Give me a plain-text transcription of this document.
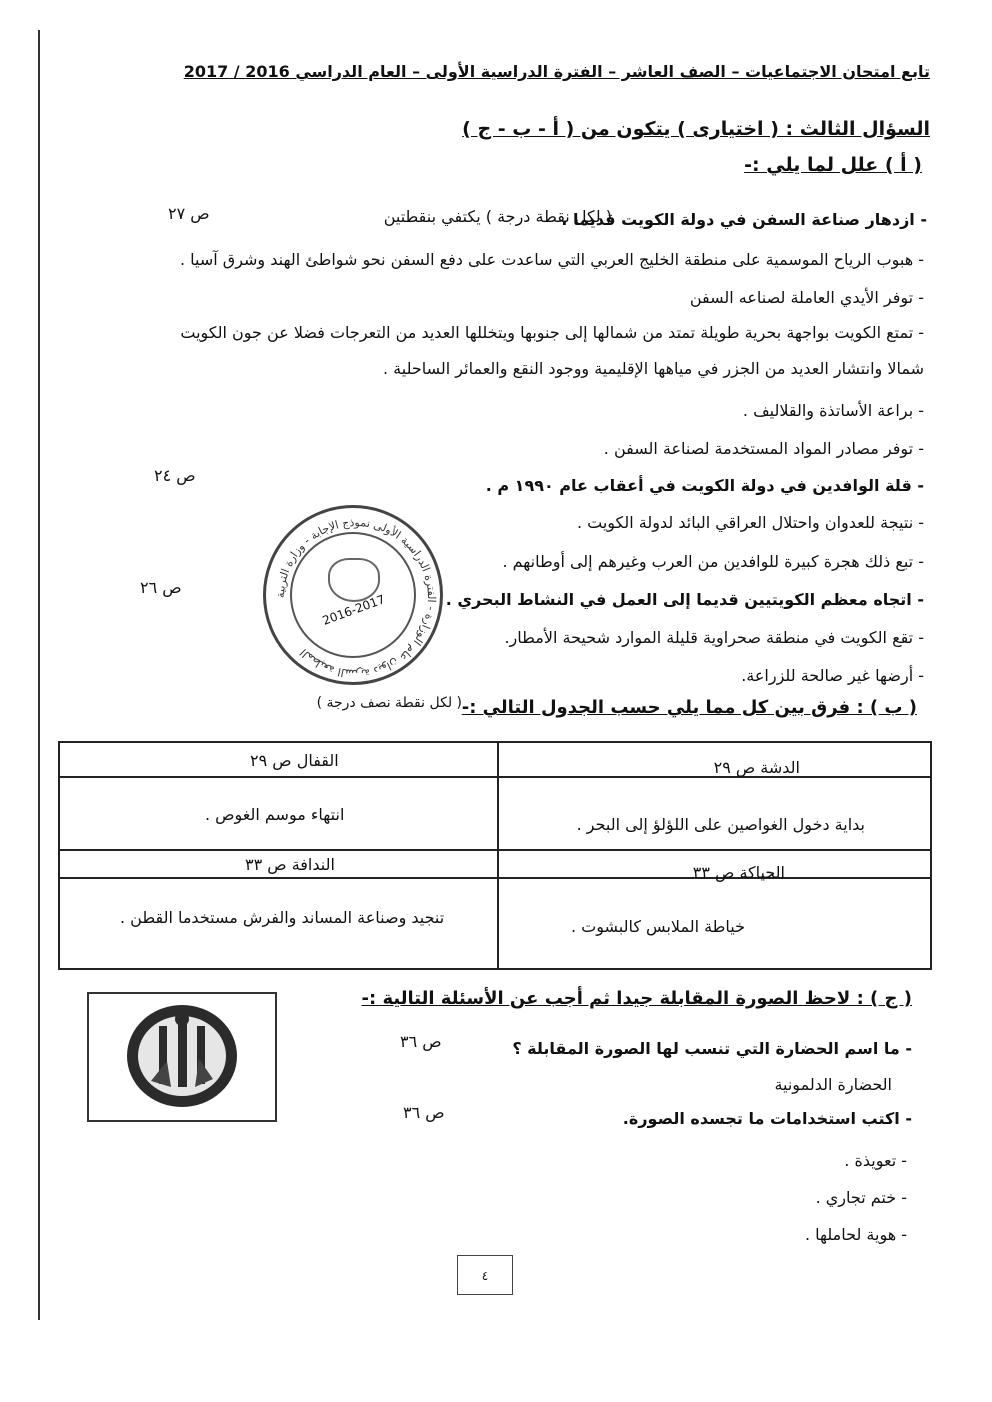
تابع امتحان الاجتماعيات – الصف العاشر – الفترة الدراسية الأولى – العام الدراسي 2016 / 2017
السؤال الثالث : ( اختيارى ) يتكون من ( أ - ب - ج )
( أ ) علل لما يلي :-
- ازدهار صناعة السفن في دولة الكويت قديما .
( لكل نقطة درجة ) يكتفي بنقطتين
ص ٢٧
- هبوب الرياح الموسمية على منطقة الخليج العربي التي ساعدت على دفع السفن نحو شواطئ الهند وشرق آسيا .
- توفر الأيدي العاملة لصناعه السفن
- تمتع الكويت بواجهة بحرية طويلة تمتد من شمالها إلى جنوبها ويتخللها العديد من التعرجات فضلا عن جون الكويت
شمالا وانتشار العديد من الجزر في مياهها الإقليمية ووجود النقع والعمائر الساحلية .
- براعة الأساتذة والقلاليف .
- توفر مصادر المواد المستخدمة لصناعة السفن .
- قلة الوافدين في دولة الكويت في أعقاب عام ١٩٩٠ م .
ص ٢٤
- نتيجة للعدوان واحتلال العراقي البائد لدولة الكويت .
- تبع ذلك هجرة كبيرة للوافدين من العرب وغيرهم إلى أوطانهم .
- اتجاه معظم الكويتيين قديما إلى العمل في النشاط البحري .
ص ٢٦
- تقع الكويت في منطقة صحراوية قليلة الموارد شحيحة الأمطار.
- أرضها غير صالحة للزراعة.
المطبعة السرية ديوان عام الوزارة - الفترة الدراسية الأولى نموذج الإجابة - وزارة التربية
2016-2017
( ب ) : فرق بين كل مما يلي حسب الجدول التالي :-
( لكل نقطة نصف درجة )
الدشة ص ٢٩
القفال ص ٢٩
بداية دخول الغواصين على اللؤلؤ إلى البحر .
انتهاء موسم الغوص .
الحياكة ص ٣٣
الندافة ص ٣٣
خياطة الملابس كالبشوت .
تنجيد وصناعة المساند والفرش مستخدما القطن .
( ج ) : لاحظ الصورة المقابلة جيدا ثم أجب عن الأسئلة التالية :-
- ما اسم الحضارة التي تنسب لها الصورة المقابلة ؟
ص ٣٦
الحضارة الدلمونية
- اكتب استخدامات ما تجسده الصورة.
ص ٣٦
- تعويذة .
- ختم تجاري .
- هوية لحاملها .
٤
